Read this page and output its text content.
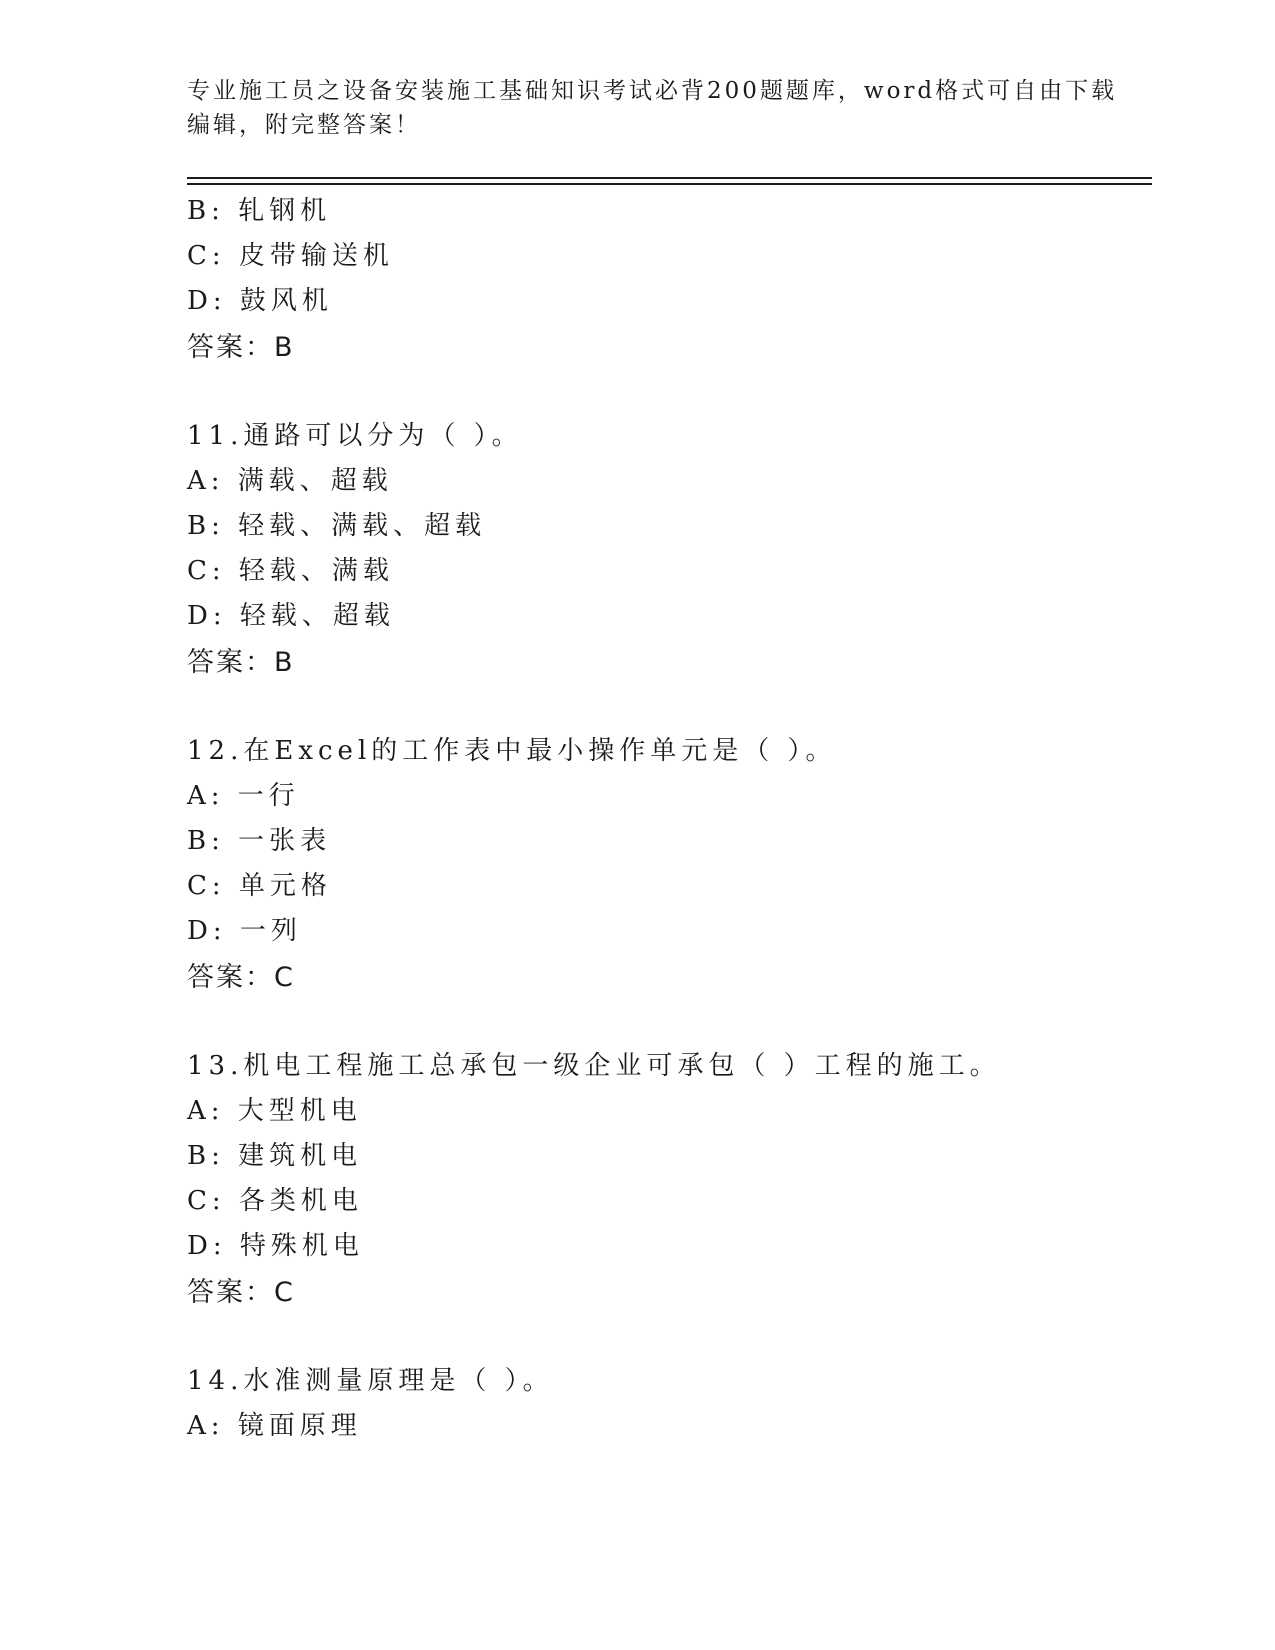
专业施工员之设备安装施工基础知识考试必背200题题库，word格式可自由下载
编辑，附完整答案！
B: 轧钢机
C: 皮带输送机
D: 鼓风机
答案：B
11.通路可以分为（ ）。
A: 满载、超载
B: 轻载、满载、超载
C: 轻载、满载
D: 轻载、超载
答案：B
12.在Excel的工作表中最小操作单元是（ ）。
A: 一行
B: 一张表
C: 单元格
D: 一列
答案：C
13.机电工程施工总承包一级企业可承包（ ）工程的施工。
A: 大型机电
B: 建筑机电
C: 各类机电
D: 特殊机电
答案：C
14.水准测量原理是（ ）。
A: 镜面原理
